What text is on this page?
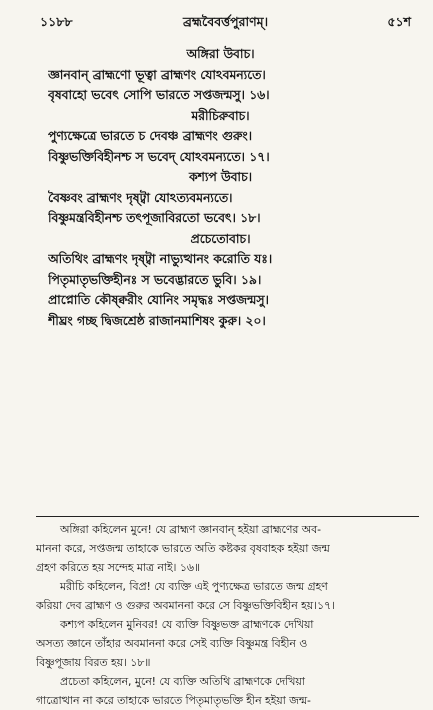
১১৮৮	ব্রহ্মবৈবর্ত্তপুরাণম্।	৫১শ
অঙ্গিরা উবাচ।
জ্ঞানবান্ ব্রাহ্মণো ভূত্বা ব্রাহ্মণং যোঽবমন্যতে।
বৃষবাহো ভবেৎ সোপি ভারতে সপ্তজন্মসু। ১৬।
মরীচিরুবাচ।
পুণ্যক্ষেত্রে ভারতে চ দেবঞ্চ ব্রাহ্মণং গুরুং।
বিষ্ণুভক্তিবিহীনশ্চ স ভবেদ্ যোঽবমন্যতে। ১৭।
কশ্যপ উবাচ।
বৈষ্ণবং ব্রাহ্মণং দৃষ্ট্বা যোঽত্যবমন্যতে।
বিষ্ণুমন্ত্রবিহীনশ্চ তৎপূজাবিরতো ভবেৎ। ১৮।
প্রচেতোবাচ।
অতিথিং ব্রাহ্মণং দৃষ্ট্বা নাভ্যুত্থানং করোতি যঃ।
পিতৃমাতৃভক্তিহীনঃ স ভবেদ্ভারতে ভুবি। ১৯।
প্রাপ্নোতি কৌষ্ক্বরীং যোনিং সমৃদ্ধঃ সপ্তজন্মসু।
শীঘ্রং গচ্ছ দ্বিজশ্রেষ্ঠ রাজানমাশিষং কুরু। ২০।
অঙ্গিরা কহিলেন মুনে! যে ব্রাহ্মণ জ্ঞানবান্ হইয়া ব্রাহ্মণের অব-
মাননা করে, সপ্তজন্ম তাহাকে ভারতে অতি কষ্টকর বৃষবাহক হইয়া জন্ম
গ্রহণ করিতে হয় সন্দেহ মাত্র নাই। ১৬॥
মরীচি কহিলেন, বিপ্র! যে ব্যক্তি এই পুণ্যক্ষেত্র ভারতে জন্ম গ্রহণ
করিয়া দেব ব্রাহ্মণ ও গুরুর অবমাননা করে সে বিষ্ণুভক্তিবিহীন হয়।১৭।
কশ্যপ কহিলেন মুনিবর! যে ব্যক্তি বিষ্ণুভক্ত ব্রাহ্মণকে দেখিয়া
অসত্য জ্ঞানে তাঁহার অবমাননা করে সেই ব্যক্তি বিষ্ণুমন্ত্র বিহীন ও
বিষ্ণুপূজায় বিরত হয়। ১৮॥
প্রচেতা কহিলেন, মুনে! যে ব্যক্তি অতিথি ব্রাহ্মণকে দেখিয়া
গাত্রোত্থান না করে তাহাকে ভারতে পিতৃমাতৃভক্তি হীন হইয়া জন্ম-
